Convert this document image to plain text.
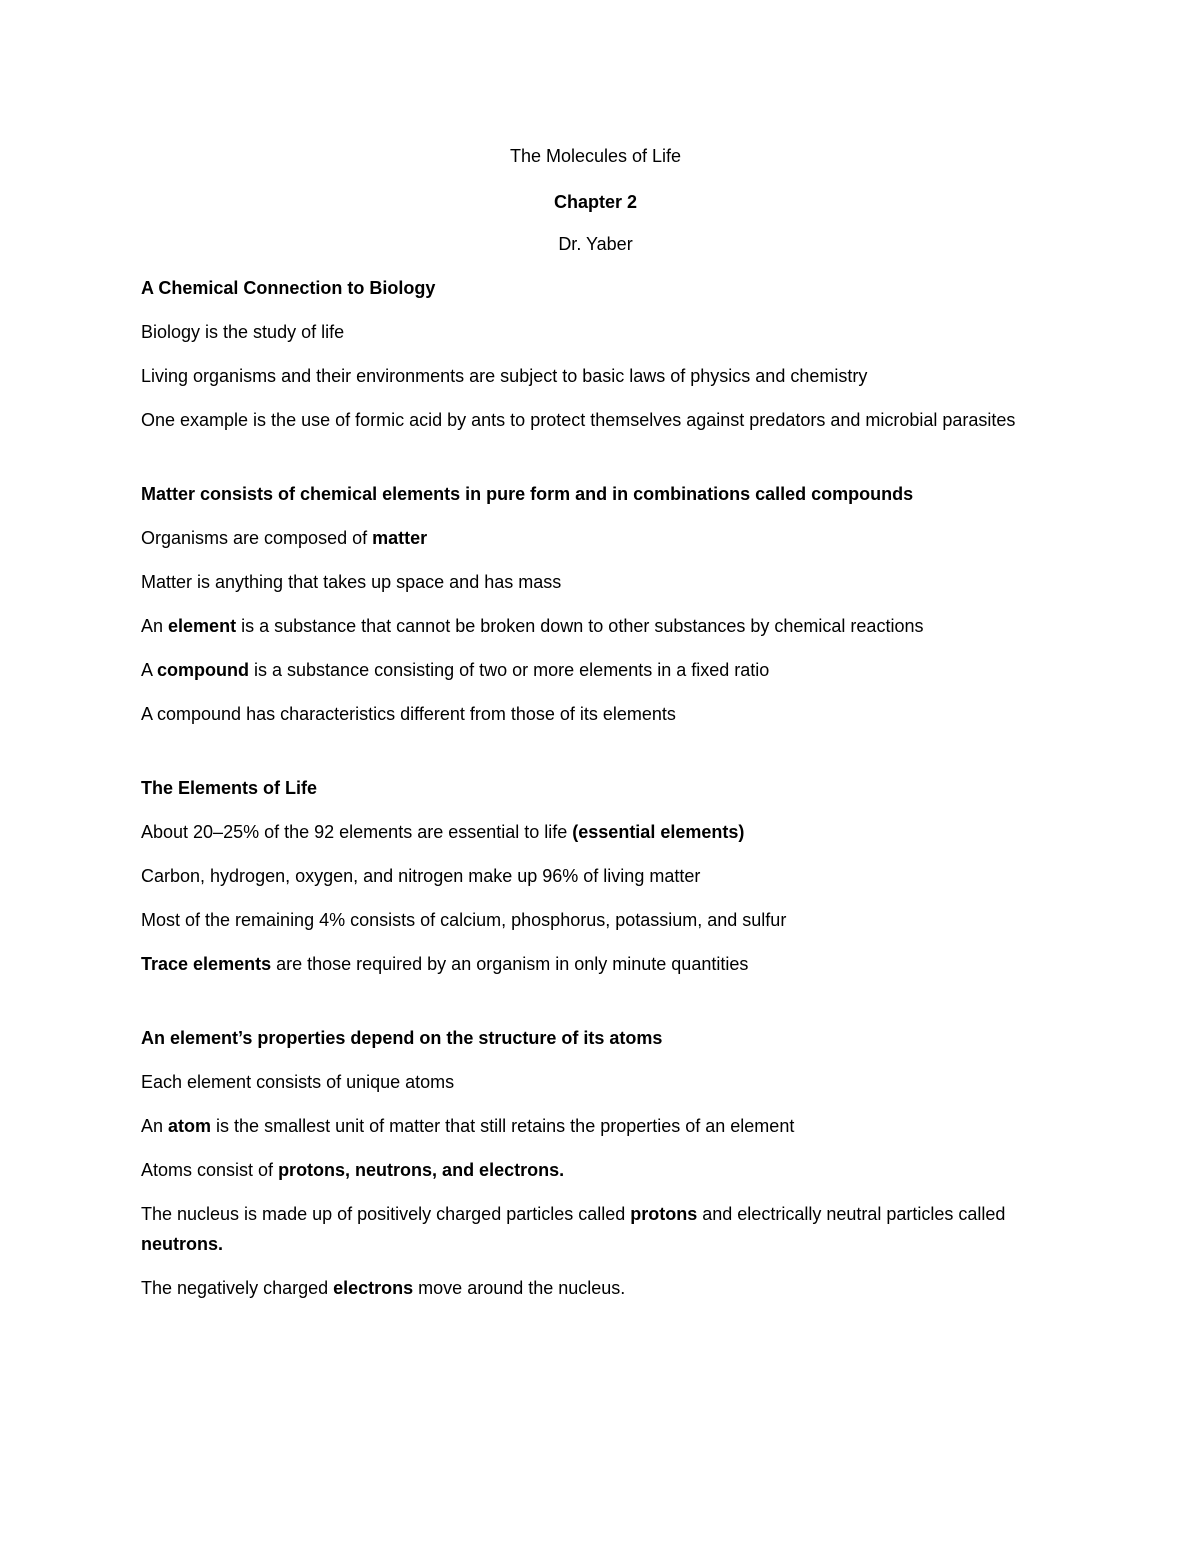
The Molecules of Life

Chapter 2

Dr. Yaber

A Chemical Connection to Biology

Biology is the study of life

Living organisms and their environments are subject to basic laws of physics and chemistry

One example is the use of formic acid by ants to protect themselves against predators and microbial parasites

Matter consists of chemical elements in pure form and in combinations called compounds

Organisms are composed of matter

Matter is anything that takes up space and has mass

An element is a substance that cannot be broken down to other substances by chemical reactions

A compound is a substance consisting of two or more elements in a fixed ratio

A compound has characteristics different from those of its elements

The Elements of Life

About 20–25% of the 92 elements are essential to life (essential elements)

Carbon, hydrogen, oxygen, and nitrogen make up 96% of living matter

Most of the remaining 4% consists of calcium, phosphorus, potassium, and sulfur

Trace elements are those required by an organism in only minute quantities

An element’s properties depend on the structure of its atoms

Each element consists of unique atoms

An atom is the smallest unit of matter that still retains the properties of an element

Atoms consist of protons, neutrons, and electrons.

The nucleus is made up of positively charged particles called protons and electrically neutral particles called neutrons.

The negatively charged electrons move around the nucleus.
